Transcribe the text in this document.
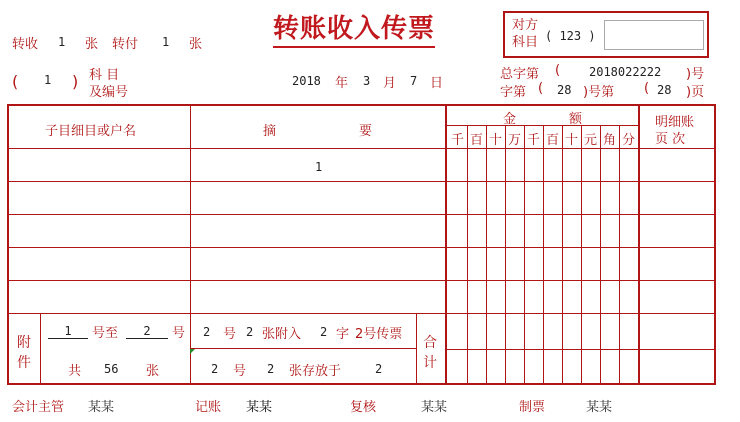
转收 1 张 转付 1 张
转账收入传票	对方
科目 ( 123 )
( 1 ) 科 目
及编号
2018 年 3 月 7 日
总字第 ( 2018022222 )号
字第 ( 28 )号第 ( 28 )页
子目细目或户名	摘	要
金	额	明细账
页 次
千 百 十 万 千 百 十 元 角 分
1
附
件
1	号至	2	号
共 56 张
2 号 2 张附入 2 字 2号传票
2 号 2 张存放于	2
合
计
会计主管 某某	记账 某某	复核	某某	制票	某某
